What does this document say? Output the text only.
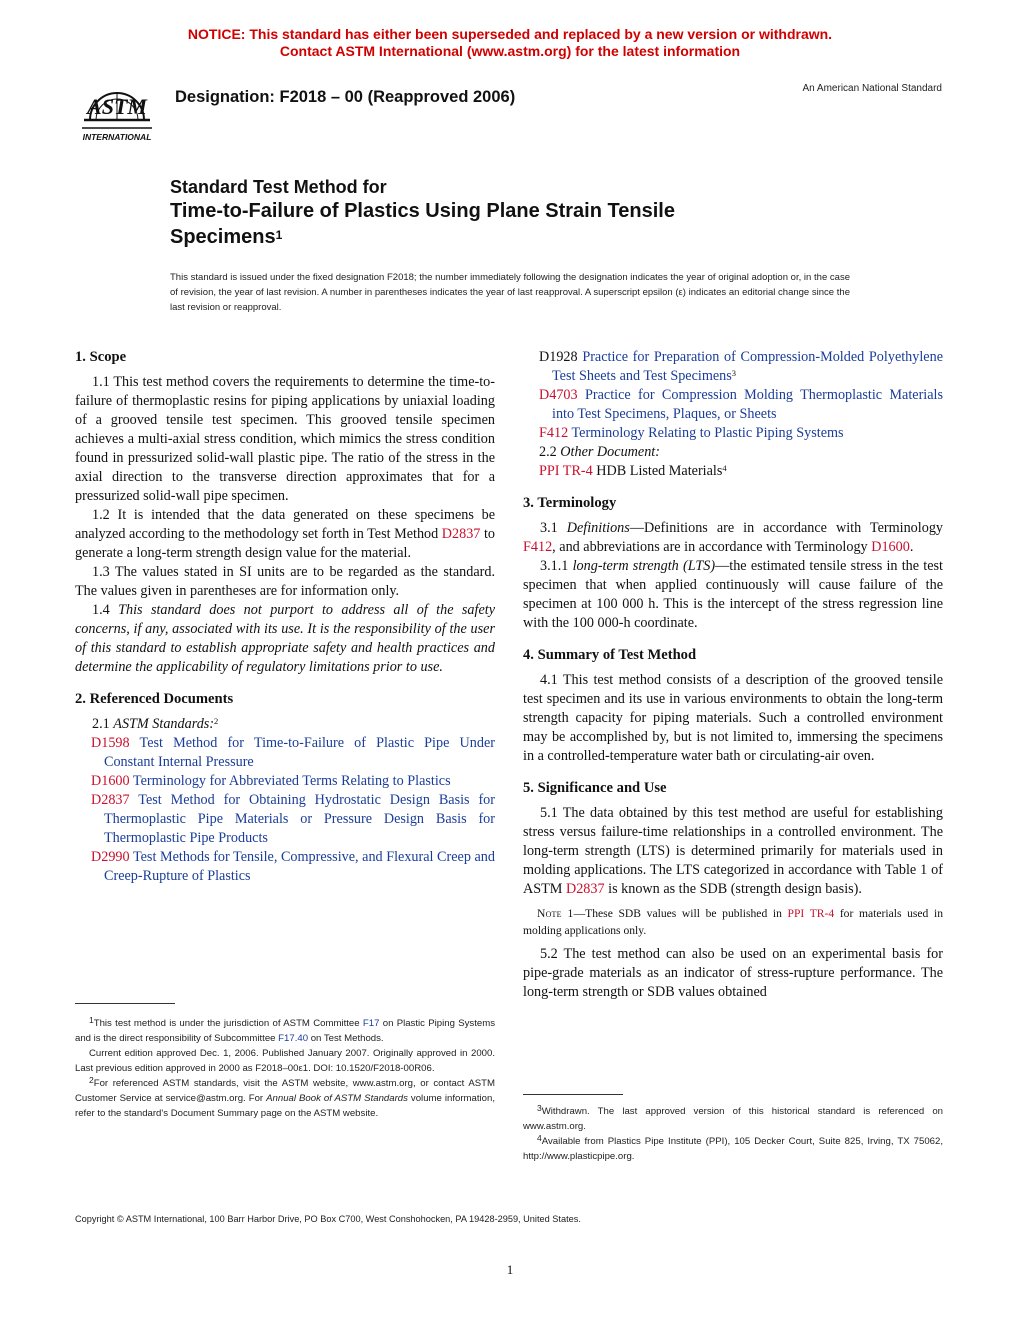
NOTICE: This standard has either been superseded and replaced by a new version or withdrawn.
Contact ASTM International (www.astm.org) for the latest information
ASTM
INTERNATIONAL
Designation: F2018 – 00 (Reapproved 2006)	An American National Standard
Standard Test Method for
Time-to-Failure of Plastics Using Plane Strain Tensile
Specimens$^1$
This standard is issued under the fixed designation F2018; the number immediately following the designation indicates the year of original adoption or, in the case of revision, the year of last revision. A number in parentheses indicates the year of last reapproval. A superscript epsilon (ε) indicates an editorial change since the last revision or reapproval.
1. Scope

1.1 This test method covers the requirements to determine the time-to-failure of thermoplastic resins for piping applications by uniaxial loading of a grooved tensile test specimen. This grooved tensile specimen achieves a multi-axial stress condition, which mimics the stress condition found in pressurized solid-wall plastic pipe. The ratio of the stress in the axial direction to the transverse direction approximates that for a pressurized solid-wall pipe specimen.

1.2 It is intended that the data generated on these specimens be analyzed according to the methodology set forth in Test Method D2837 to generate a long-term strength design value for the material.

1.3 The values stated in SI units are to be regarded as the standard. The values given in parentheses are for information only.

1.4 This standard does not purport to address all of the safety concerns, if any, associated with its use. It is the responsibility of the user of this standard to establish appropriate safety and health practices and determine the applicability of regulatory limitations prior to use.

2. Referenced Documents

2.1 ASTM Standards:$^2$

D1598 Test Method for Time-to-Failure of Plastic Pipe Under Constant Internal Pressure

D1600 Terminology for Abbreviated Terms Relating to Plastics

D2837 Test Method for Obtaining Hydrostatic Design Basis for Thermoplastic Pipe Materials or Pressure Design Basis for Thermoplastic Pipe Products

D2990 Test Methods for Tensile, Compressive, and Flexural Creep and Creep-Rupture of Plastics

$^1$This test method is under the jurisdiction of ASTM Committee F17 on Plastic Piping Systems and is the direct responsibility of Subcommittee F17.40 on Test Methods.

Current edition approved Dec. 1, 2006. Published January 2007. Originally approved in 2000. Last previous edition approved in 2000 as F2018–00ε1. DOI: 10.1520/F2018-00R06.

$^2$For referenced ASTM standards, visit the ASTM website, www.astm.org, or contact ASTM Customer Service at service@astm.org. For Annual Book of ASTM Standards volume information, refer to the standard's Document Summary page on the ASTM website.

D1928 Practice for Preparation of Compression-Molded Polyethylene Test Sheets and Test Specimens$^3$

D4703 Practice for Compression Molding Thermoplastic Materials into Test Specimens, Plaques, or Sheets

F412 Terminology Relating to Plastic Piping Systems

2.2 Other Document:

PPI TR-4 HDB Listed Materials$^4$

3. Terminology

3.1 Definitions—Definitions are in accordance with Terminology F412, and abbreviations are in accordance with Terminology D1600.

3.1.1 long-term strength (LTS)—the estimated tensile stress in the test specimen that when applied continuously will cause failure of the specimen at 100 000 h. This is the intercept of the stress regression line with the 100 000-h coordinate.

4. Summary of Test Method

4.1 This test method consists of a description of the grooved tensile test specimen and its use in various environments to obtain the long-term strength capacity for piping materials. Such a controlled environment may be accomplished by, but is not limited to, immersing the specimens in a controlled-temperature water bath or circulating-air oven.

5. Significance and Use

5.1 The data obtained by this test method are useful for establishing stress versus failure-time relationships in a controlled environment. The long-term strength (LTS) is determined primarily for materials used in molding applications. The LTS categorized in accordance with Table 1 of ASTM D2837 is known as the SDB (strength design basis).

Note 1—These SDB values will be published in PPI TR-4 for materials used in molding applications only.

5.2 The test method can also be used on an experimental basis for pipe-grade materials as an indicator of stress-rupture performance. The long-term strength or SDB values obtained

$^3$Withdrawn. The last approved version of this historical standard is referenced on www.astm.org.

$^4$Available from Plastics Pipe Institute (PPI), 105 Decker Court, Suite 825, Irving, TX 75062, http://www.plasticpipe.org.

Copyright © ASTM International, 100 Barr Harbor Drive, PO Box C700, West Conshohocken, PA 19428-2959, United States.
1
